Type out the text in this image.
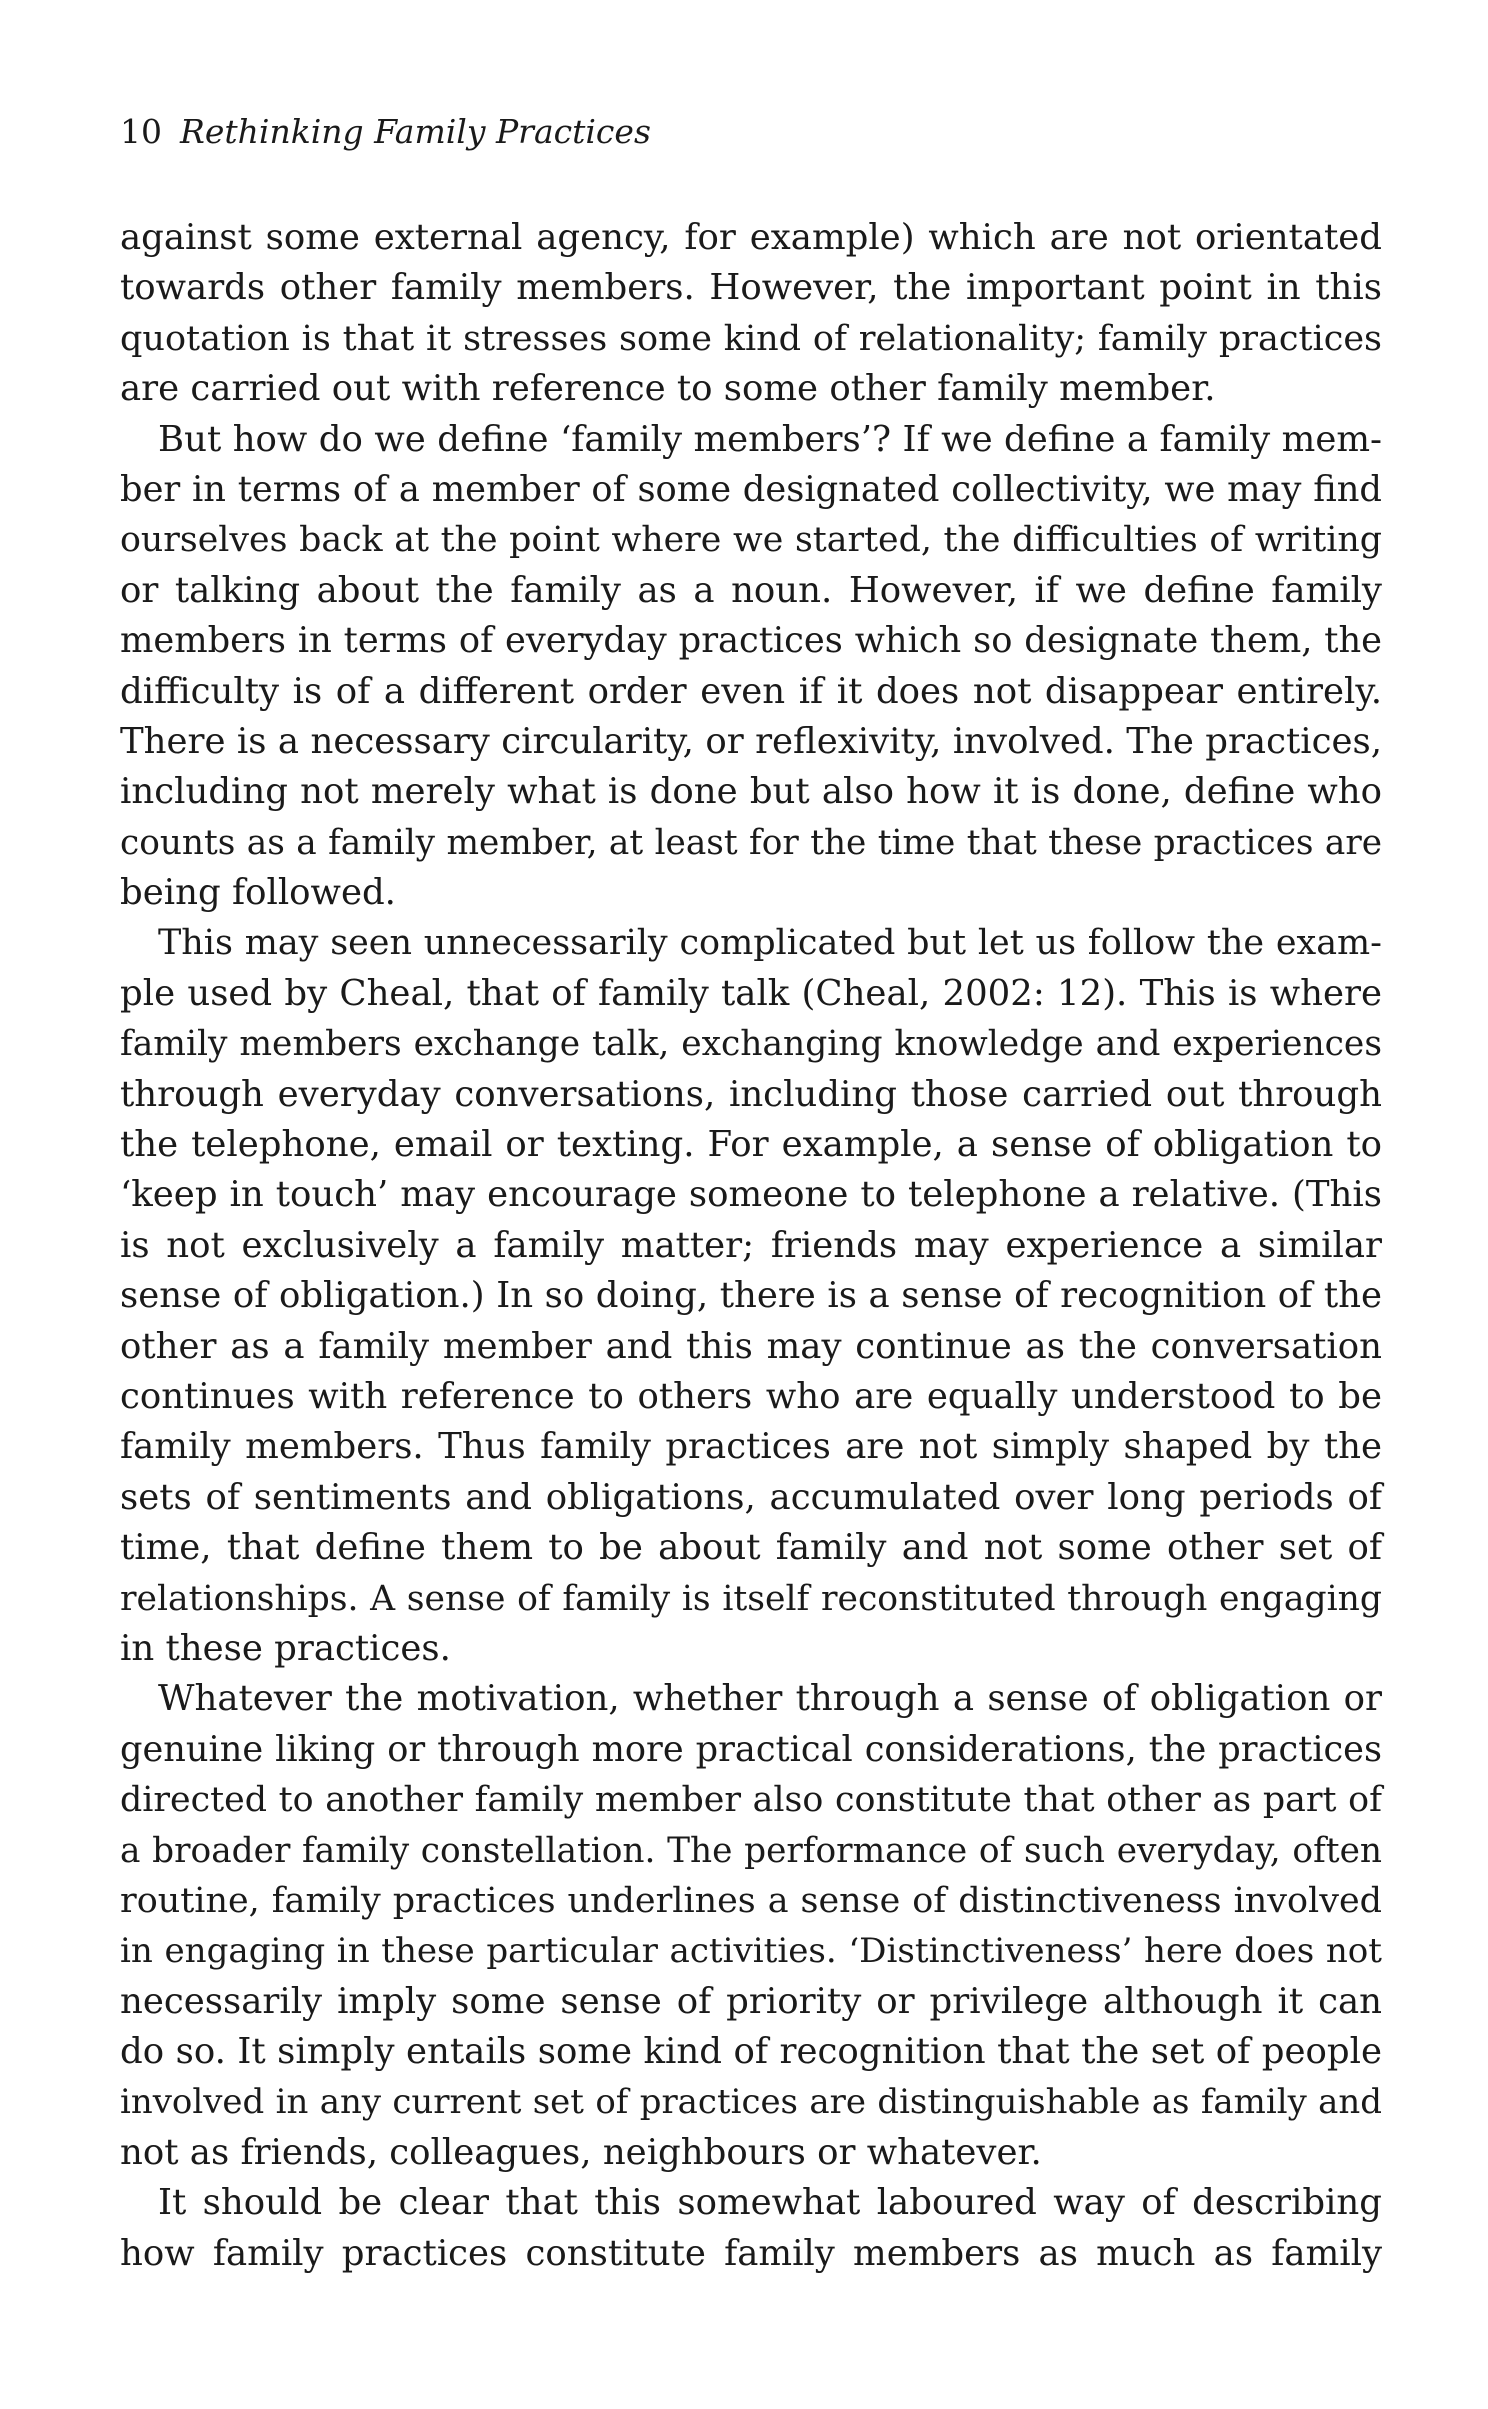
10 Rethinking Family Practices
against some external agency, for example) which are not orientated
towards other family members. However, the important point in this
quotation is that it stresses some kind of relationality; family practices
are carried out with reference to some other family member.
But how do we define ‘family members’? If we define a family mem-
ber in terms of a member of some designated collectivity, we may find
ourselves back at the point where we started, the difficulties of writing
or talking about the family as a noun. However, if we define family
members in terms of everyday practices which so designate them, the
difficulty is of a different order even if it does not disappear entirely.
There is a necessary circularity, or reflexivity, involved. The practices,
including not merely what is done but also how it is done, define who
counts as a family member, at least for the time that these practices are
being followed.
This may seen unnecessarily complicated but let us follow the exam-
ple used by Cheal, that of family talk (Cheal, 2002: 12). This is where
family members exchange talk, exchanging knowledge and experiences
through everyday conversations, including those carried out through
the telephone, email or texting. For example, a sense of obligation to
‘keep in touch’ may encourage someone to telephone a relative. (This
is not exclusively a family matter; friends may experience a similar
sense of obligation.) In so doing, there is a sense of recognition of the
other as a family member and this may continue as the conversation
continues with reference to others who are equally understood to be
family members. Thus family practices are not simply shaped by the
sets of sentiments and obligations, accumulated over long periods of
time, that define them to be about family and not some other set of
relationships. A sense of family is itself reconstituted through engaging
in these practices.
Whatever the motivation, whether through a sense of obligation or
genuine liking or through more practical considerations, the practices
directed to another family member also constitute that other as part of
a broader family constellation. The performance of such everyday, often
routine, family practices underlines a sense of distinctiveness involved
in engaging in these particular activities. ‘Distinctiveness’ here does not
necessarily imply some sense of priority or privilege although it can
do so. It simply entails some kind of recognition that the set of people
involved in any current set of practices are distinguishable as family and
not as friends, colleagues, neighbours or whatever.
It should be clear that this somewhat laboured way of describing
how family practices constitute family members as much as family
